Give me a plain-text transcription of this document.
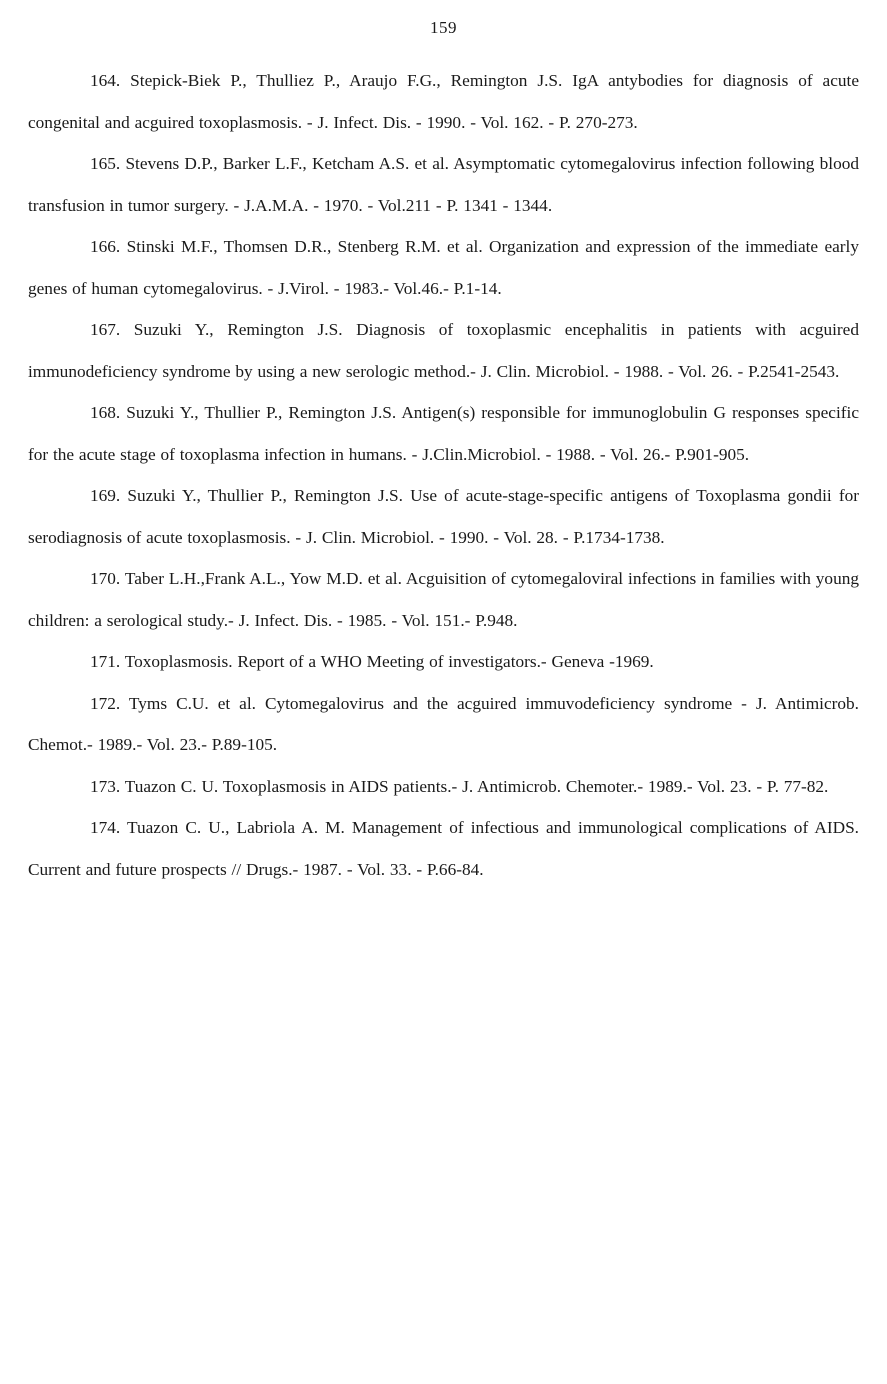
159

164. Stepick-Biek P., Thulliez P., Araujo F.G., Remington J.S. IgA antybodies for diagnosis of acute congenital and acguired toxoplasmosis. - J. Infect. Dis. - 1990. - Vol. 162. - P. 270-273.

165. Stevens D.P., Barker L.F., Ketcham A.S. et al. Asymptomatic cytomegalovirus infection following blood transfusion in tumor surgery. - J.A.M.A. - 1970. - Vol.211 - P. 1341 - 1344.

166. Stinski M.F., Thomsen D.R., Stenberg R.M. et al. Organization and expression of the immediate early genes of human cytomegalovirus. - J.Virol. - 1983.- Vol.46.- P.1-14.

167. Suzuki Y., Remington J.S. Diagnosis of toxoplasmic encephalitis in patients with acguired immunodeficiency syndrome by using a new serologic method.- J. Clin. Microbiol. - 1988. - Vol. 26. - P.2541-2543.

168. Suzuki Y., Thullier P., Remington J.S. Antigen(s) responsible for immunoglobulin G responses specific for the acute stage of toxoplasma infection in humans. - J.Clin.Microbiol. - 1988. - Vol. 26.- P.901-905.

169. Suzuki Y., Thullier P., Remington J.S. Use of acute-stage-specific antigens of Toxoplasma gondii for serodiagnosis of acute toxoplasmosis. - J. Clin. Microbiol. - 1990. - Vol. 28. - P.1734-1738.

170. Taber L.H.,Frank A.L., Yow M.D. et al. Acguisition of cytomegaloviral infections in families with young children: a serological study.- J. Infect. Dis. - 1985. - Vol. 151.- P.948.

171. Toxoplasmosis. Report of a WHO Meeting of investigators.- Geneva -1969.

172. Tyms C.U. et al. Cytomegalovirus and the acguired immuvodeficiency syndrome - J. Antimicrob. Chemot.- 1989.- Vol. 23.- P.89-105.

173. Tuazon C. U. Toxoplasmosis in AIDS patients.- J. Antimicrob. Chemoter.- 1989.- Vol. 23. - P. 77-82.

174. Tuazon C. U., Labriola A. M. Management of infectious and immunological complications of AIDS. Current and future prospects // Drugs.- 1987. - Vol. 33. - P.66-84.
